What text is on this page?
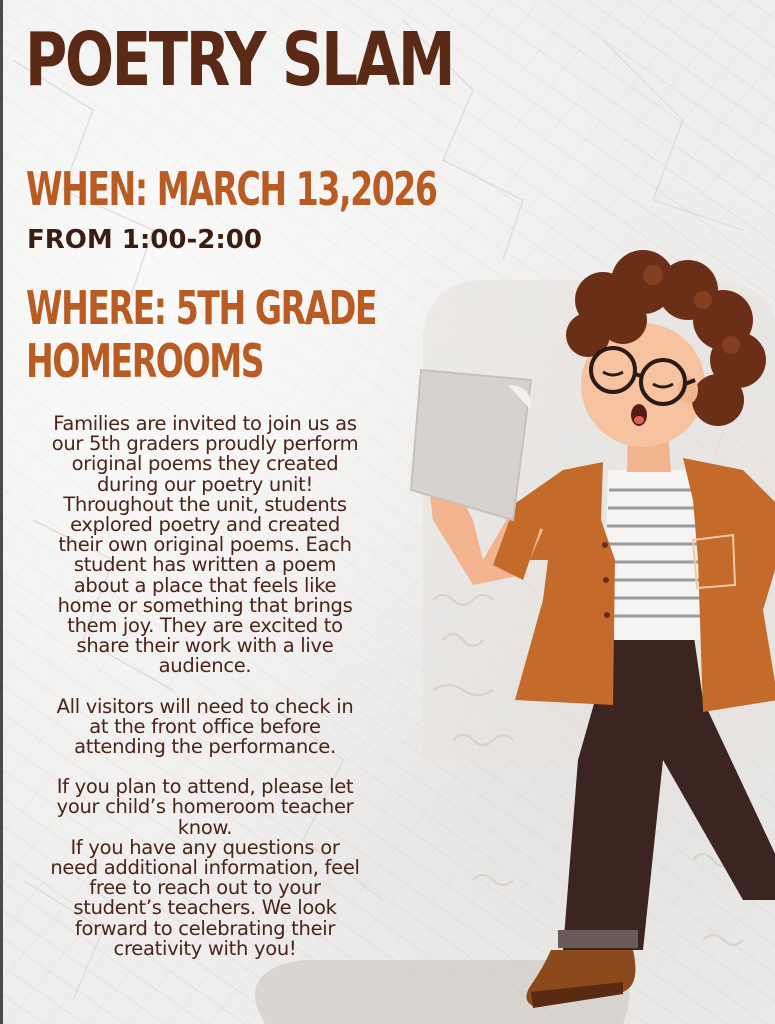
POETRY SLAM
WHEN: MARCH 13,2026
FROM 1:00-2:00
WHERE: 5TH GRADE
HOMEROOMS

Families are invited to join us as

our 5th graders proudly perform

original poems they created

during our poetry unit!

Throughout the unit, students

explored poetry and created

their own original poems. Each

student has written a poem

about a place that feels like

home or something that brings

them joy. They are excited to

share their work with a live

audience.

All visitors will need to check in

at the front office before

attending the performance.

If you plan to attend, please let

your child’s homeroom teacher

know.

If you have any questions or

need additional information, feel

free to reach out to your

student’s teachers. We look

forward to celebrating their

creativity with you!
